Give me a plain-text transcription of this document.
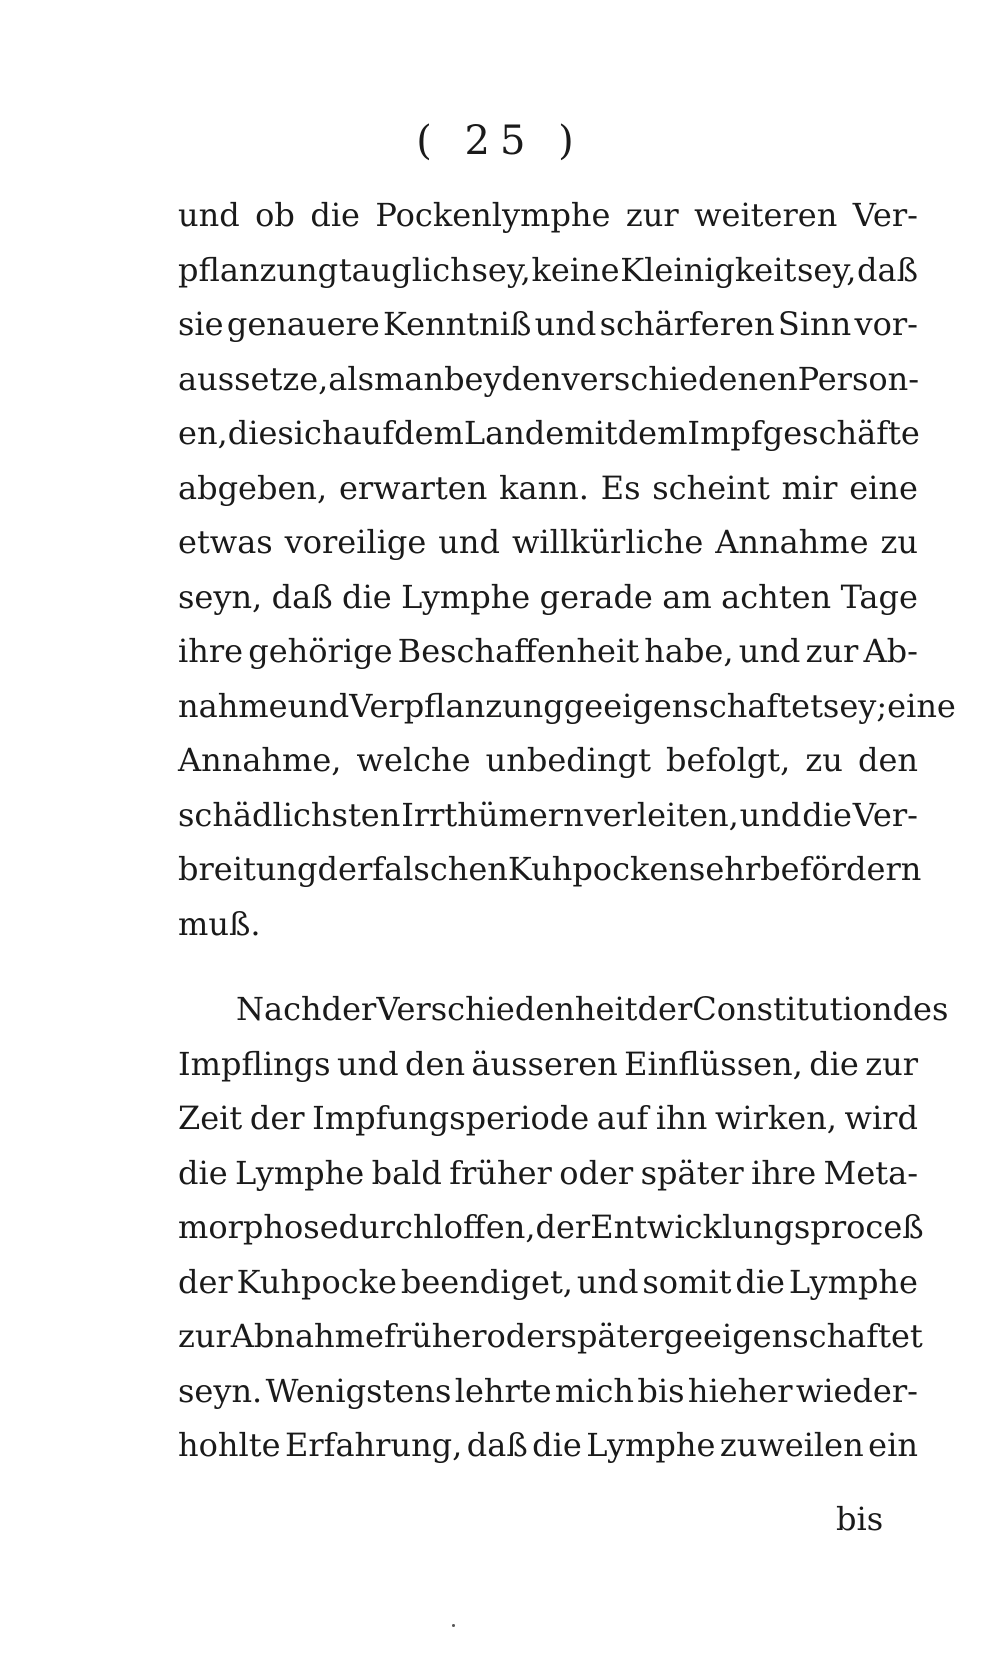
( 25 )
und ob die Pockenlymphe zur weiteren Ver-
pflanzung tauglich sey, keine Kleinigkeit sey, daß
sie genauere Kenntniß und schärferen Sinn vor-
aussetze, als man bey den verschiedenen Person-
en, die sich auf dem Lande mit dem Impfgeschäfte
abgeben, erwarten kann. Es scheint mir eine
etwas voreilige und willkürliche Annahme zu
seyn, daß die Lymphe gerade am achten Tage
ihre gehörige Beschaffenheit habe, und zur Ab-
nahme und Verpflanzung geeigenschaftet sey; eine
Annahme, welche unbedingt befolgt, zu den
schädlichsten Irrthümern verleiten, und die Ver-
breitung der falschen Kuhpocken sehr befördern
muß.
Nach der Verschiedenheit der Constitution des
Impflings und den äusseren Einflüssen, die zur
Zeit der Impfungsperiode auf ihn wirken, wird
die Lymphe bald früher oder später ihre Meta-
morphose durchloffen, der Entwicklungsproceß
der Kuhpocke beendiget, und somit die Lymphe
zur Abnahme früher oder später geeigenschaftet
seyn. Wenigstens lehrte mich bis hieher wieder-
hohlte Erfahrung, daß die Lymphe zuweilen ein
bis
